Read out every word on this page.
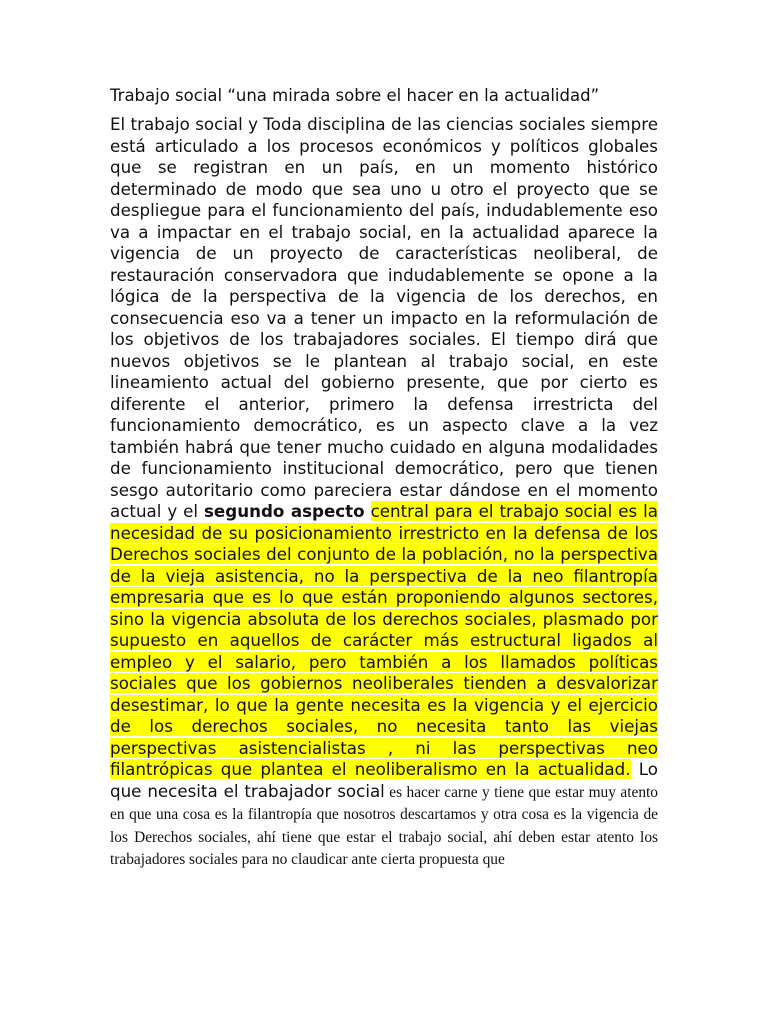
Trabajo social “una mirada sobre el hacer en la actualidad”

El trabajo social y Toda disciplina de las ciencias sociales siempre está articulado a los procesos económicos y políticos globales que se registran en un país, en un momento histórico determinado de modo que sea uno u otro el proyecto que se despliegue para el funcionamiento del país, indudablemente eso va a impactar en el trabajo social, en la actualidad aparece la vigencia de un proyecto de características neoliberal, de restauración conservadora que indudablemente se opone a la lógica de la perspectiva de la vigencia de los derechos, en consecuencia eso va a tener un impacto en la reformulación de los objetivos de los trabajadores sociales. El tiempo dirá que nuevos objetivos se le plantean al trabajo social, en este lineamiento actual del gobierno presente, que por cierto es diferente el anterior, primero la defensa irrestricta del funcionamiento democrático, es un aspecto clave a la vez también habrá que tener mucho cuidado en alguna modalidades de funcionamiento institucional democrático, pero que tienen sesgo autoritario como pareciera estar dándose en el momento actual y el segundo aspecto central para el trabajo social es la necesidad de su posicionamiento irrestricto en la defensa de los Derechos sociales del conjunto de la población, no la perspectiva de la vieja asistencia, no la perspectiva de la neo filantropía empresaria que es lo que están proponiendo algunos sectores, sino la vigencia absoluta de los derechos sociales, plasmado por supuesto en aquellos de carácter más estructural ligados al empleo y el salario, pero también a los llamados políticas sociales que los gobiernos neoliberales tienden a desvalorizar desestimar, lo que la gente necesita es la vigencia y el ejercicio de los derechos sociales, no necesita tanto las viejas perspectivas asistencialistas , ni las perspectivas neo filantrópicas que plantea el neoliberalismo en la actualidad. Lo que necesita el trabajador social es hacer carne y tiene que estar muy atento en que una cosa es la filantropía que nosotros descartamos y otra cosa es la vigencia de los Derechos sociales, ahí tiene que estar el trabajo social, ahí deben estar atento los trabajadores sociales para no claudicar ante cierta propuesta que
